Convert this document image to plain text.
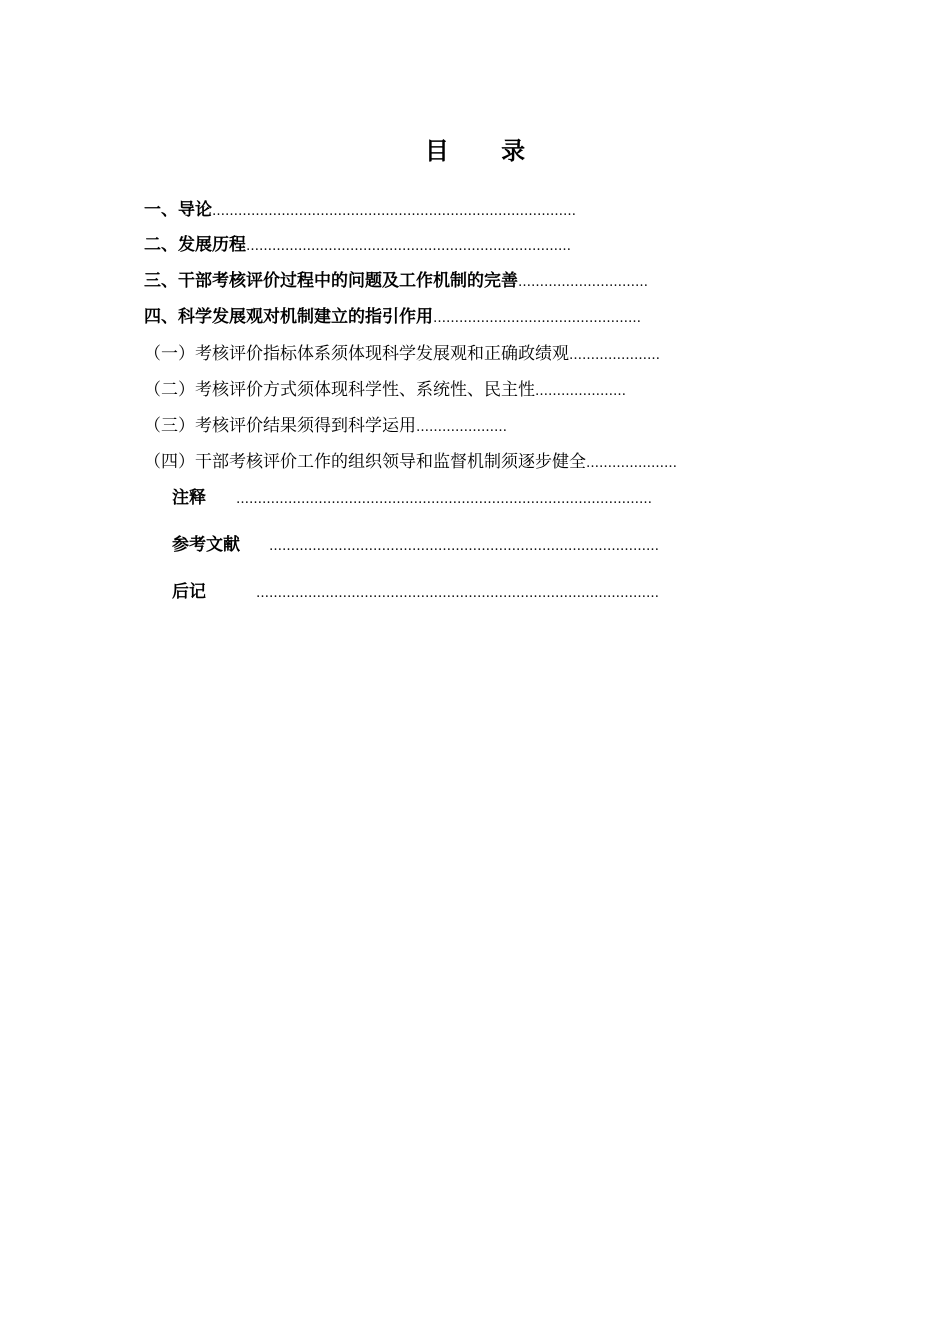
目 录
一、导论…………………………………………………………………………
二、发展历程…………………………………………………………………
三、干部考核评价过程中的问题及工作机制的完善…………………………
四、科学发展观对机制建立的指引作用…………………………………………
（一）考核评价指标体系须体现科学发展观和正确政绩观…………………
（二）考核评价方式须体现科学性、系统性、民主性…………………
（三）考核评价结果须得到科学运用…………………
（四）干部考核评价工作的组织领导和监督机制须逐步健全…………………
注释 ……………………………………………………………………………………
参考文献 ………………………………………………………………………………
后记	…………………………………………………………………………………
